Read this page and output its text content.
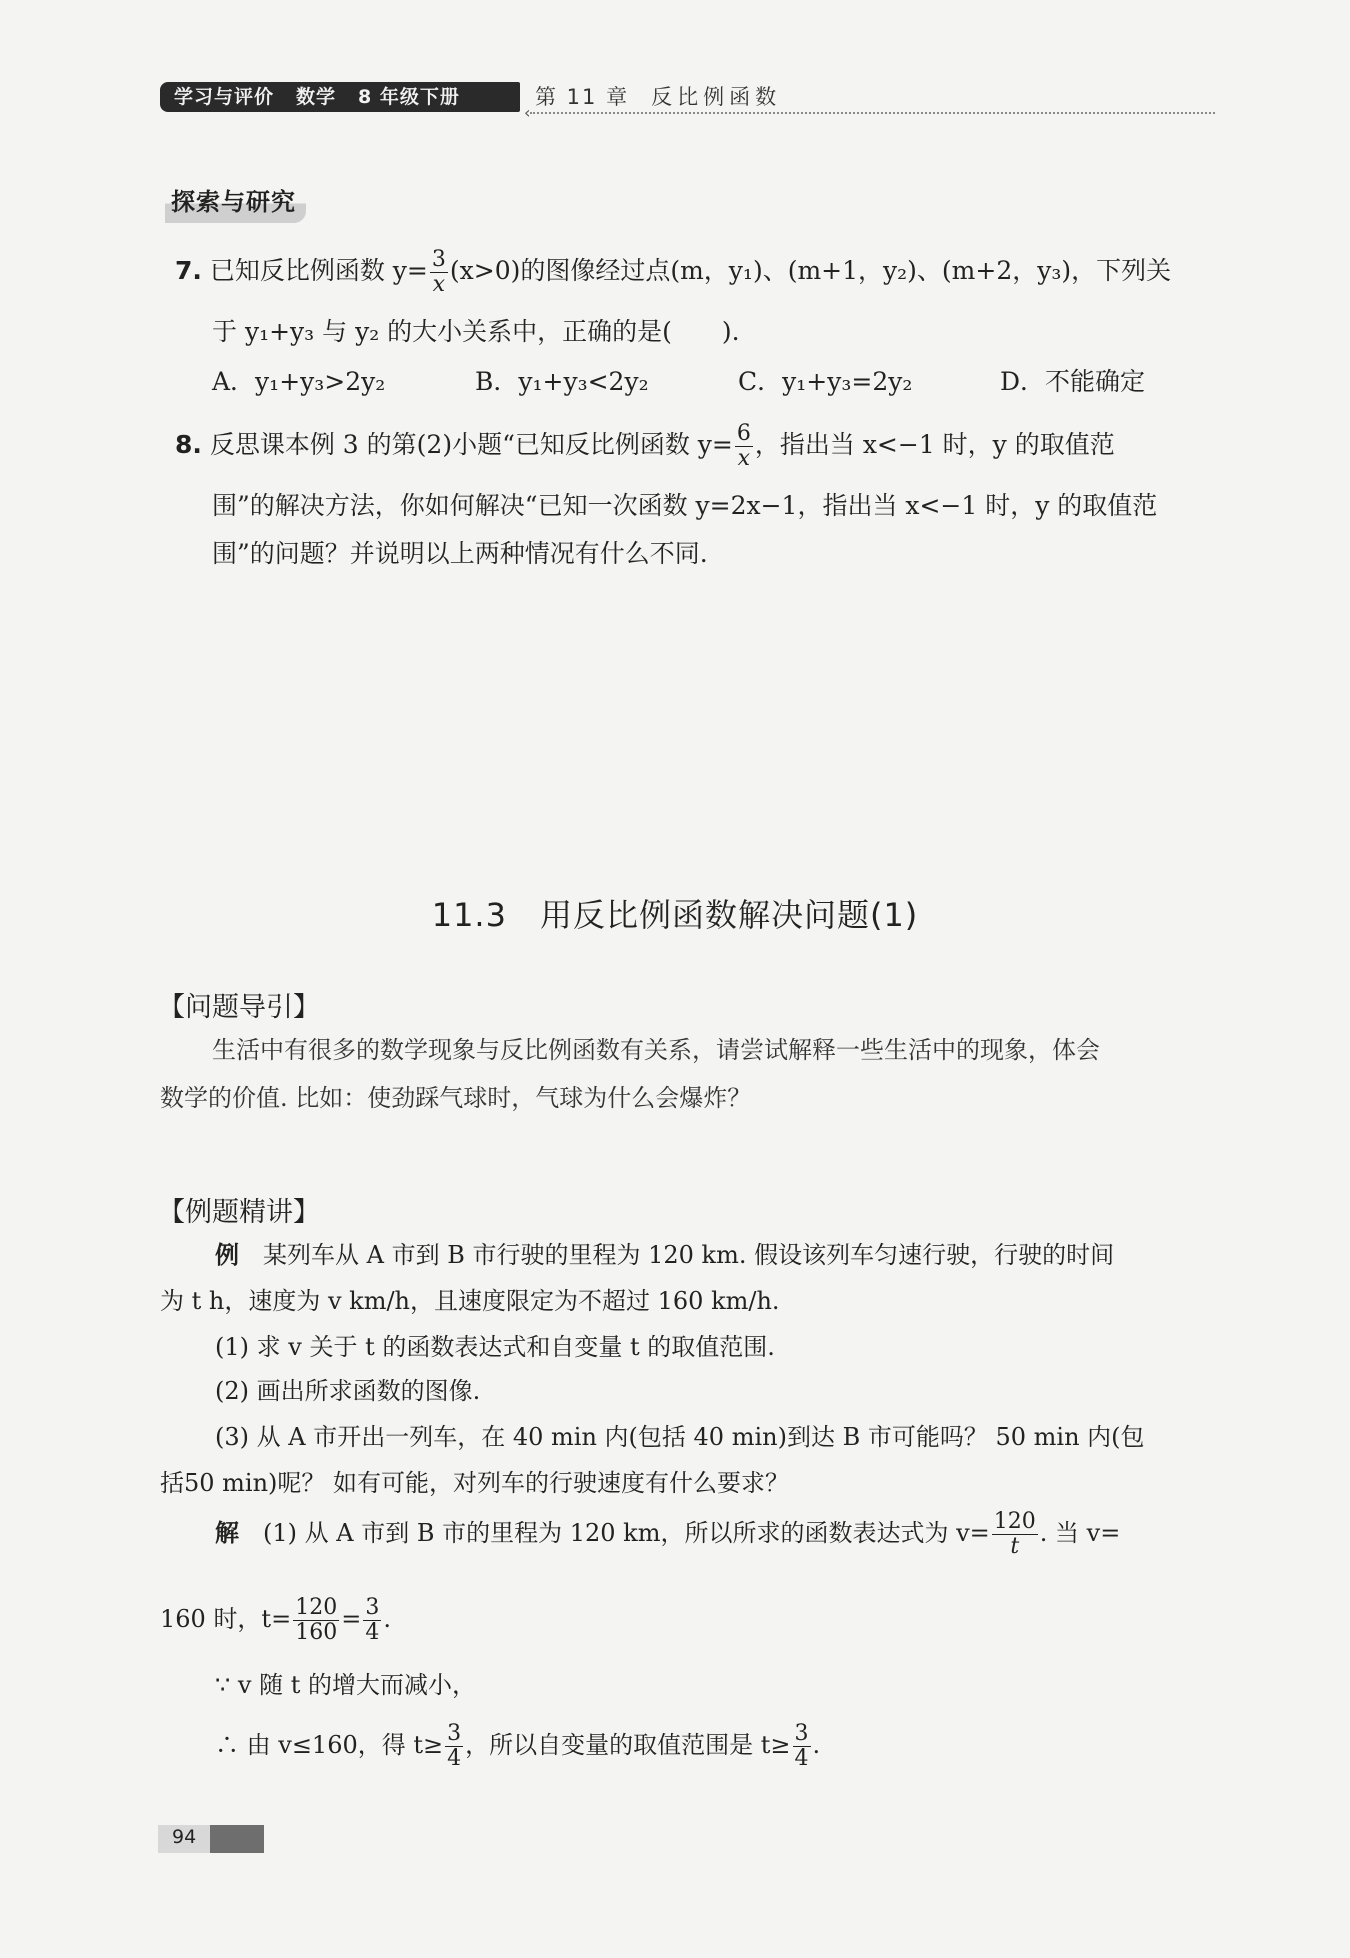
学习与评价 数学 8 年级下册	第 11 章 反比例函数
‹
探索与研究
7. 已知反比例函数 $y= \frac{3}{x} (x>0)$的图像经过点(m，y₁)、(m+1，y₂)、(m+2，y₃)，下列关
于 y₁+y₃ 与 y₂ 的大小关系中，正确的是(　　).
A．y₁+y₃>2y₂	B．y₁+y₃<2y₂	C．y₁+y₃=2y₂	D．不能确定
8. 反思课本例 3 的第(2)小题“已知反比例函数 $y= \frac{6}{x}$ ，指出当 x<−1 时，y 的取值范
围”的解决方法，你如何解决“已知一次函数 y=2x−1，指出当 x<−1 时，y 的取值范
围”的问题？并说明以上两种情况有什么不同.
11.3　用反比例函数解决问题(1)
【问题导引】
生活中有很多的数学现象与反比例函数有关系，请尝试解释一些生活中的现象，体会
数学的价值. 比如：使劲踩气球时，气球为什么会爆炸？
【例题精讲】
例　 某列车从 A 市到 B 市行驶的里程为 120 km. 假设该列车匀速行驶，行驶的时间
为 t h，速度为 v km/h，且速度限定为不超过 160 km/h.
(1) 求 v 关于 t 的函数表达式和自变量 t 的取值范围.
(2) 画出所求函数的图像.
(3) 从 A 市开出一列车，在 40 min 内(包括 40 min)到达 B 市可能吗？ 50 min 内(包
括50 min)呢？ 如有可能，对列车的行驶速度有什么要求？
解　 (1) 从 A 市到 B 市的里程为 120 km，所以所求的函数表达式为 $v= \frac{120}{t}$ . 当 v=
160 时，$t= \frac{120}{160} = \frac{3}{4}$ .
∵ v 随 t 的增大而减小，
∴ 由 v≤160，得 $t\ge \frac{3}{4}$ ，所以自变量的取值范围是 $t\ge \frac{3}{4}$ .
94
